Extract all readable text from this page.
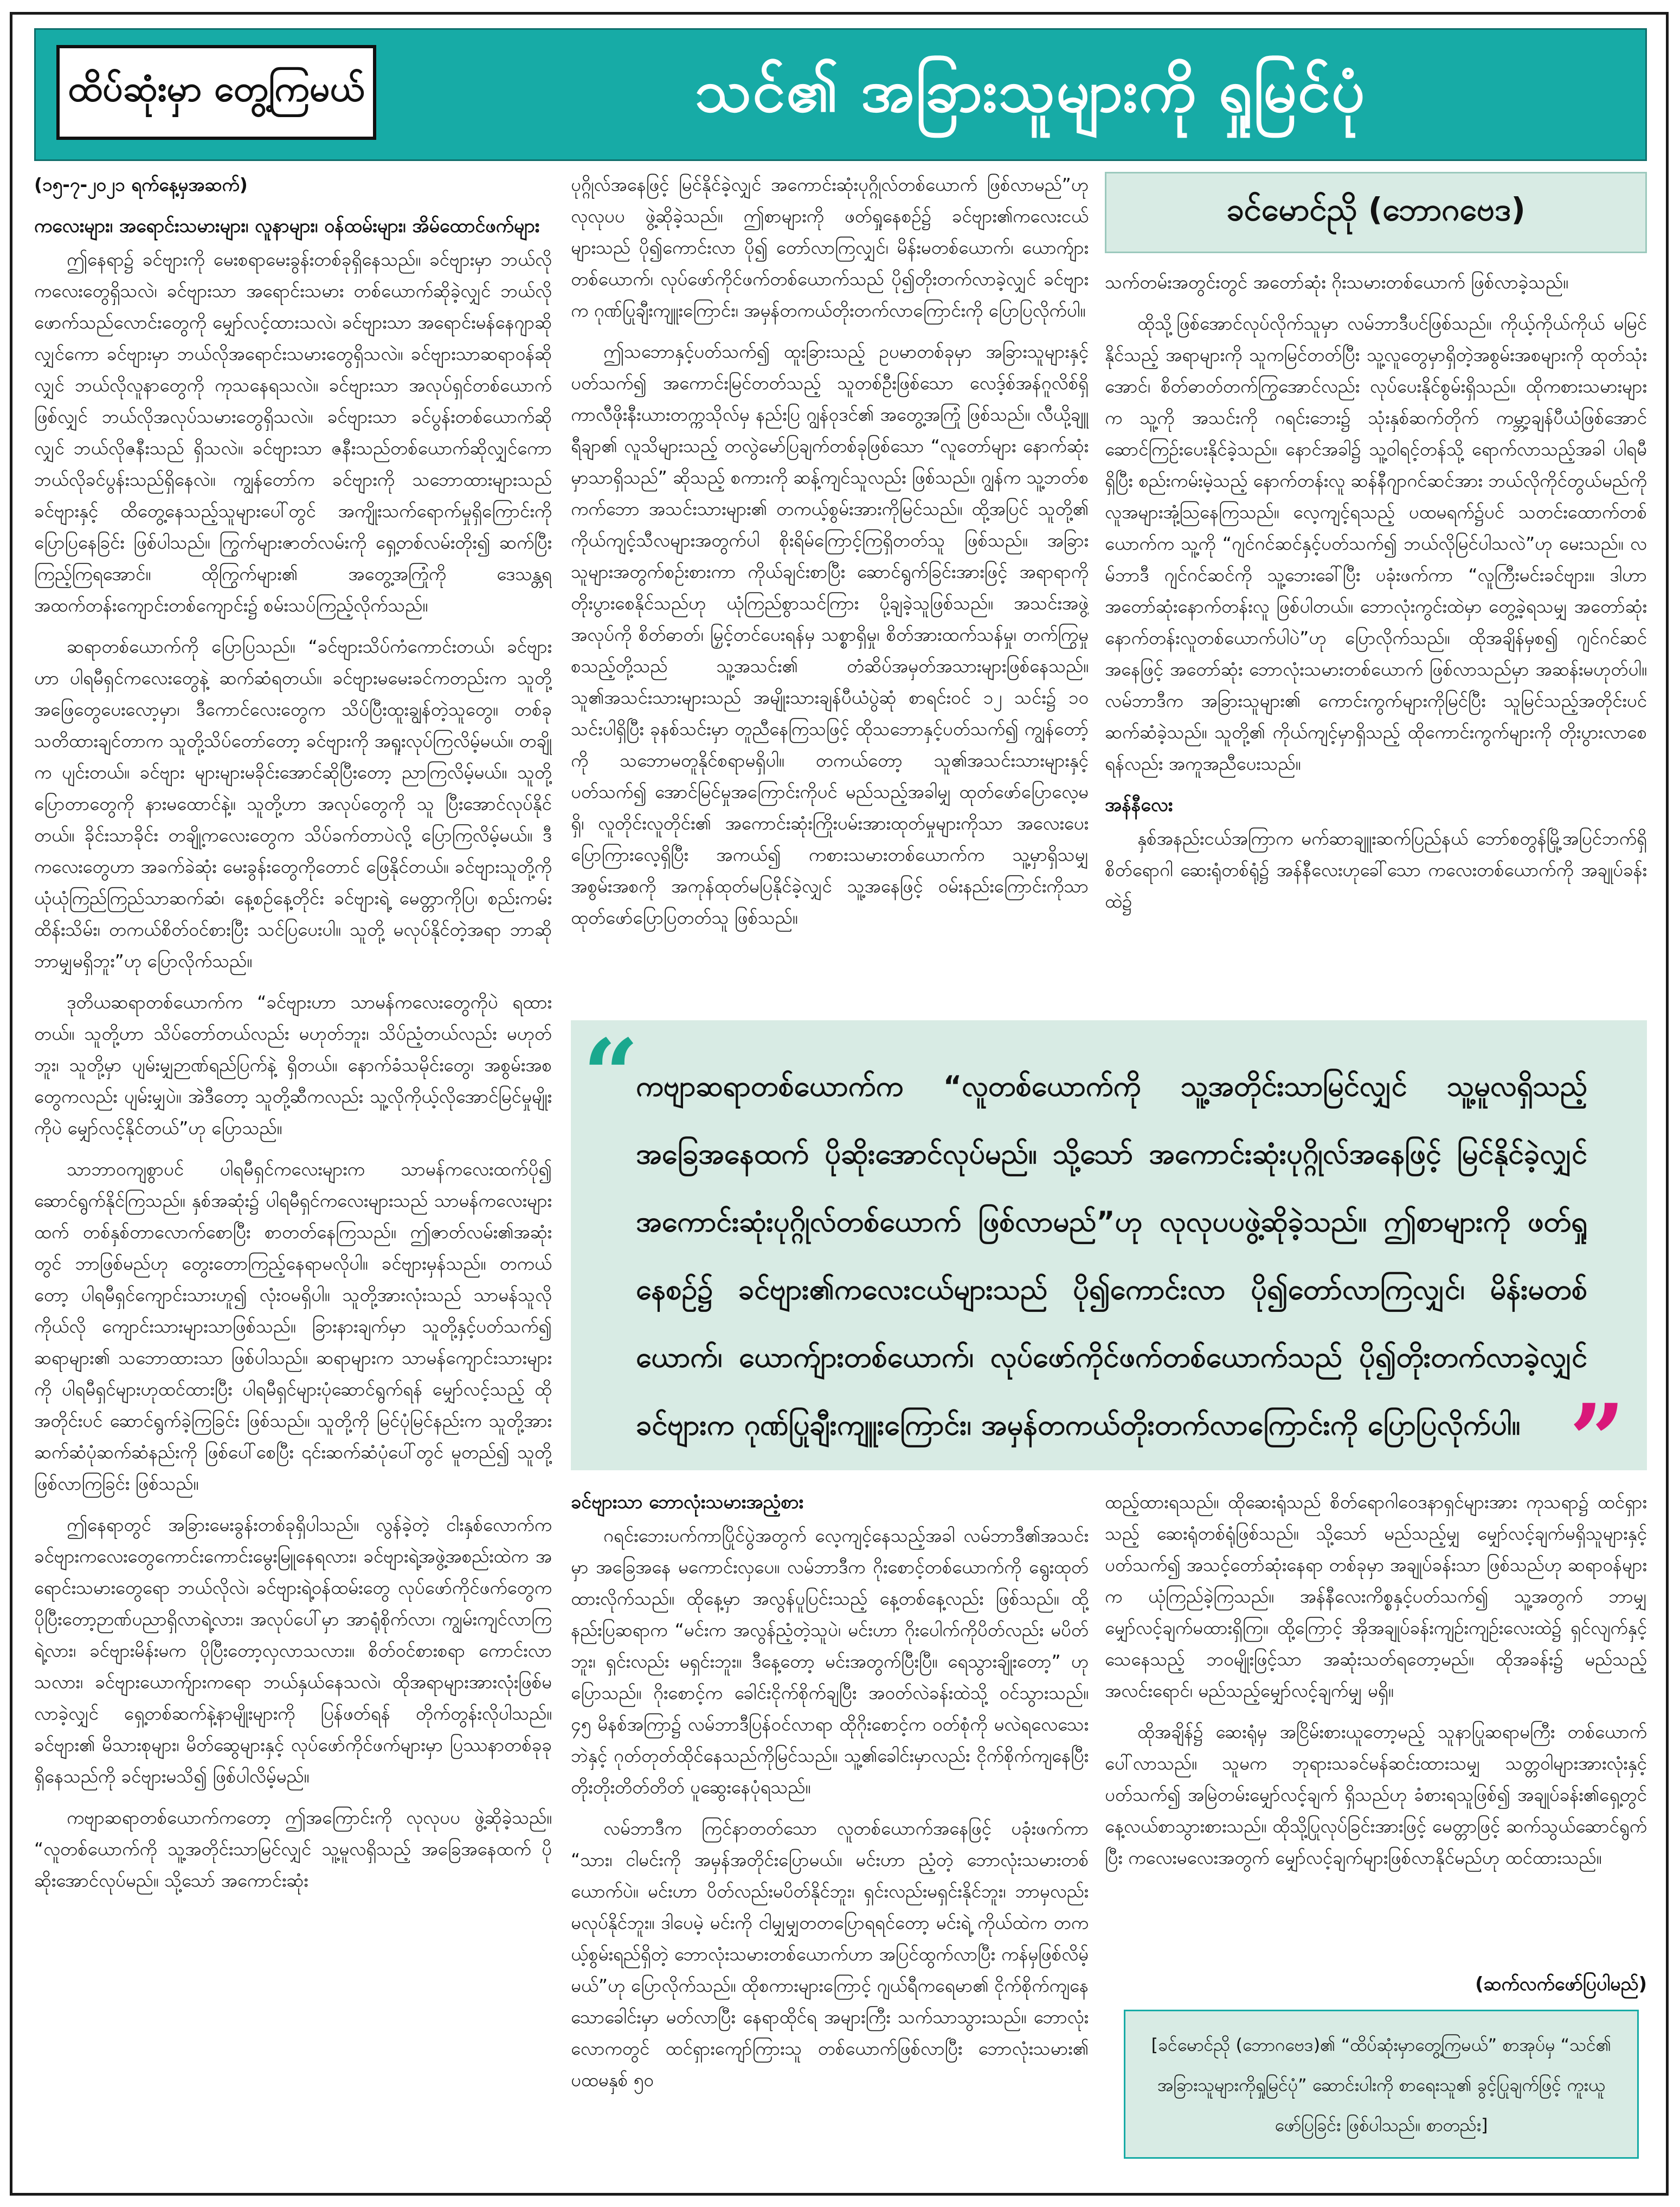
ထိပ်ဆုံးမှာ တွေ့ကြမယ်	သင်၏ အခြားသူများကို ရှုမြင်ပုံ
ခင်မောင်ညို (ဘောဂဗေဒ)

(၁၅-၇-၂၀၂၁ ရက်နေ့မှအဆက်)

ကလေးများ၊ အရောင်းသမားများ၊ လူနာများ၊ ဝန်ထမ်းများ၊ အိမ်ထောင်ဖက်များ

ဤနေရာ၌ ခင်ဗျားကို မေးစရာမေးခွန်းတစ်ခုရှိနေသည်။ ခင်ဗျားမှာ ဘယ်လိုကလေးတွေရှိသလဲ၊ ခင်ဗျားသာ အရောင်းသမား တစ်ယောက်ဆိုခဲ့လျှင် ဘယ်လိုဖောက်သည်လောင်းတွေကို မျှော်လင့်ထားသလဲ၊ ခင်ဗျားသာ အရောင်းမန်နေဂျာဆိုလျှင်ကော ခင်ဗျားမှာ ဘယ်လိုအရောင်းသမားတွေရှိသလဲ။ ခင်ဗျားသာဆရာဝန်ဆိုလျှင် ဘယ်လိုလူနာတွေကို ကုသနေရသလဲ။ ခင်ဗျားသာ အလုပ်ရှင်တစ်ယောက်ဖြစ်လျှင် ဘယ်လိုအလုပ်သမားတွေရှိသလဲ။ ခင်ဗျားသာ ခင်ပွန်းတစ်ယောက်ဆိုလျှင် ဘယ်လိုဇနီးသည် ရှိသလဲ။ ခင်ဗျားသာ ဇနီးသည်တစ်ယောက်ဆိုလျှင်ကော ဘယ်လိုခင်ပွန်းသည်ရှိနေလဲ။ ကျွန်တော်က ခင်ဗျားကို သဘောထားများသည် ခင်ဗျားနှင့် ထိတွေ့နေသည့်သူများပေါ်တွင် အကျိုးသက်ရောက်မှုရှိကြောင်းကို ပြောပြနေခြင်း ဖြစ်ပါသည်။ ကြွက်များဇာတ်လမ်းကို ရှေ့တစ်လမ်းတိုး၍ ဆက်ပြီးကြည့်ကြရအောင်။ ထိုကြွက်များ၏ အတွေ့အကြုံကို ဒေသန္တရ အထက်တန်းကျောင်းတစ်ကျောင်း၌ စမ်းသပ်ကြည့်လိုက်သည်။

ဆရာတစ်ယောက်ကို ပြောပြသည်။ “ခင်ဗျားသိပ်ကံကောင်းတယ်၊ ခင်ဗျားဟာ ပါရမီရှင်ကလေးတွေနဲ့ ဆက်ဆံရတယ်။ ခင်ဗျားမမေးခင်ကတည်းက သူတို့အဖြေတွေပေးလော့မှာ၊ ဒီကောင်လေးတွေက သိပ်ပြီးထူးချွန်တဲ့သူတွေ။ တစ်ခုသတိထားချင်တာက သူတို့သိပ်တော်တော့ ခင်ဗျားကို အရူးလုပ်ကြလိမ့်မယ်။ တချို့က ပျင်းတယ်။ ခင်ဗျား များများမခိုင်းအောင်ဆိုပြီးတော့ ညာကြလိမ့်မယ်။ သူတို့ပြောတာတွေကို နားမထောင်နဲ့။ သူတို့ဟာ အလုပ်တွေကို သူ ပြီးအောင်လုပ်နိုင်တယ်။ ခိုင်းသာခိုင်း တချို့ကလေးတွေက သိပ်ခက်တာပဲလို့ ပြောကြလိမ့်မယ်။ ဒီကလေးတွေဟာ အခက်ခဲဆုံး မေးခွန်းတွေကိုတောင် ဖြေနိုင်တယ်။ ခင်ဗျားသူတို့ကို ယုံယုံကြည်ကြည်သာဆက်ဆံ၊ နေ့စဉ်နေ့တိုင်း ခင်ဗျားရဲ့ မေတ္တာကိုပြ၊ စည်းကမ်းထိန်းသိမ်း၊ တကယ်စိတ်ဝင်စားပြီး သင်ပြပေးပါ။ သူတို့ မလုပ်နိုင်တဲ့အရာ ဘာဆိုဘာမျှမရှိဘူး”ဟု ပြောလိုက်သည်။

ဒုတိယဆရာတစ်ယောက်က “ခင်ဗျားဟာ သာမန်ကလေးတွေကိုပဲ ရထားတယ်။ သူတို့ဟာ သိပ်တော်တယ်လည်း မဟုတ်ဘူး၊ သိပ်ညံ့တယ်လည်း မဟုတ်ဘူး၊ သူတို့မှာ ပျမ်းမျှဉာဏ်ရည်ပြက်နဲ့ ရှိတယ်။ နောက်ခံသမိုင်းတွေ၊ အစွမ်းအစတွေကလည်း ပျမ်းမျှပဲ။ အဲဒီတော့ သူတို့ဆီကလည်း သူ့လိုကိုယ့်လိုအောင်မြင်မှုမျိုးကိုပဲ မျှော်လင့်နိုင်တယ်”ဟု ပြောသည်။

သာဘာဝကျစွာပင် ပါရမီရှင်ကလေးများက သာမန်ကလေးထက်ပို၍ ဆောင်ရွက်နိုင်ကြသည်။ နှစ်အဆုံး၌ ပါရမီရှင်ကလေးများသည် သာမန်ကလေးများထက် တစ်နှစ်တာလောက်စောပြီး စာတတ်နေကြသည်။ ဤဇာတ်လမ်း၏အဆုံးတွင် ဘာဖြစ်မည်ဟု တွေးတောကြည့်နေရာမလိုပါ။ ခင်ဗျားမှန်သည်။ တကယ်တော့ ပါရမီရှင်ကျောင်းသားဟူ၍ လုံးဝမရှိပါ။ သူတို့အားလုံးသည် သာမန်သူလိုကိုယ်လို ကျောင်းသားများသာဖြစ်သည်။ ခြားနားချက်မှာ သူတို့နှင့်ပတ်သက်၍ ဆရာများ၏ သဘောထားသာ ဖြစ်ပါသည်။ ဆရာများက သာမန်ကျောင်းသားများကို ပါရမီရှင်များဟုထင်ထားပြီး ပါရမီရှင်များပုံဆောင်ရွက်ရန် မျှော်လင့်သည့် ထိုအတိုင်းပင် ဆောင်ရွက်ခဲ့ကြခြင်း ဖြစ်သည်။ သူတို့ကို မြင်ပုံမြင်နည်းက သူတို့အား ဆက်ဆံပုံဆက်ဆံနည်းကို ဖြစ်ပေါ်စေပြီး ၎င်းဆက်ဆံပုံပေါ်တွင် မူတည်၍ သူတို့ဖြစ်လာကြခြင်း ဖြစ်သည်။

ဤနေရာတွင် အခြားမေးခွန်းတစ်ခုရှိပါသည်။ လွန်ခဲ့တဲ့ ငါးနှစ်လောက်က ခင်ဗျားကလေးတွေကောင်းကောင်းမွေးမြူနေရလား၊ ခင်ဗျားရဲ့အဖွဲ့အစည်းထဲက အရောင်းသမားတွေရော ဘယ်လိုလဲ၊ ခင်ဗျားရဲ့ဝန်ထမ်းတွေ လုပ်ဖော်ကိုင်ဖက်တွေက ပိုပြီးတော့ဉာဏ်ပညာရှိလာရဲ့လား၊ အလုပ်ပေါ်မှာ အာရုံစိုက်လာ၊ ကျွမ်းကျင်လာကြရဲ့လား၊ ခင်ဗျားမိန်းမက ပိုပြီးတော့လှလာသလား။ စိတ်ဝင်စားစရာ ကောင်းလာသလား၊ ခင်ဗျားယောက်ျားကရော ဘယ်နှယ်နေသလဲ၊ ထိုအရာများအားလုံးဖြစ်မလာခဲ့လျှင် ရှေ့တစ်ဆက်နဲ့နာမျိုးများကို ပြန်ဖတ်ရန် တိုက်တွန်းလိုပါသည်။ ခင်ဗျား၏ မိသားစုများ၊ မိတ်ဆွေများနှင့် လုပ်ဖော်ကိုင်ဖက်များမှာ ပြဿနာတစ်ခုခု ရှိနေသည်ကို ခင်ဗျားမသိ၍ ဖြစ်ပါလိမ့်မည်။

ကဗျာဆရာတစ်ယောက်ကတော့ ဤအကြောင်းကို လုလုပပ ဖွဲ့ဆိုခဲ့သည်။ “လူတစ်ယောက်ကို သူ့အတိုင်းသာမြင်လျှင် သူ့မူလရှိသည့် အခြေအနေထက် ပိုဆိုးအောင်လုပ်မည်။ သို့သော် အကောင်းဆုံး

ပုဂ္ဂိုလ်အနေဖြင့် မြင်နိုင်ခဲ့လျှင် အကောင်းဆုံးပုဂ္ဂိုလ်တစ်ယောက် ဖြစ်လာမည်”ဟု လုလုပပ ဖွဲ့ဆိုခဲ့သည်။ ဤစာများကို ဖတ်ရှုနေစဉ်၌ ခင်ဗျား၏ကလေးငယ်များသည် ပို၍ကောင်းလာ ပို၍ တော်လာကြလျှင်၊ မိန်းမတစ်ယောက်၊ ယောက်ျားတစ်ယောက်၊ လုပ်ဖော်ကိုင်ဖက်တစ်ယောက်သည် ပို၍တိုးတက်လာခဲ့လျှင် ခင်ဗျားက ဂုဏ်ပြုချီးကျူးကြောင်း၊ အမှန်တကယ်တိုးတက်လာကြောင်းကို ပြောပြလိုက်ပါ။

ဤသဘောနှင့်ပတ်သက်၍ ထူးခြားသည့် ဥပမာတစ်ခုမှာ အခြားသူများနှင့်ပတ်သက်၍ အကောင်းမြင်တတ်သည့် သူတစ်ဦးဖြစ်သော လေဒ့်စ်အန်ဂူလိစ်ရှိ ကာလီဖိုးနီးယားတက္ကသိုလ်မှ နည်းပြ ဂျွန်ဝုဒင်၏ အတွေ့အကြုံ ဖြစ်သည်။ လီယို့ချူရီချာ၏ လူသိများသည့် တလွဲမော်ပြချက်တစ်ခုဖြစ်သော “လူတော်များ နောက်ဆုံးမှာသာရှိသည်” ဆိုသည့် စကားကို ဆန့်ကျင်သူလည်း ဖြစ်သည်။ ဂျွန်က သူ့ဘတ်စကက်ဘော အသင်းသားများ၏ တကယ့်စွမ်းအားကိုမြင်သည်။ ထို့အပြင် သူတို့၏ ကိုယ်ကျင့်သီလများအတွက်ပါ စိုးရိမ်ကြောင့်ကြရှိတတ်သူ ဖြစ်သည်။ အခြားသူများအတွက်စဉ်းစားကာ ကိုယ်ချင်းစာပြီး ဆောင်ရွက်ခြင်းအားဖြင့် အရာရာကို တိုးပွားစေနိုင်သည်ဟု ယုံကြည်စွာသင်ကြား ပို့ချခဲ့သူဖြစ်သည်။ အသင်းအဖွဲ့ အလုပ်ကို စိတ်ဓာတ်၊ မြှင့်တင်ပေးရန်မှ သစ္စာရှိမှု၊ စိတ်အားထက်သန်မှု၊ တက်ကြွမှု စသည့်တို့သည် သူ့အသင်း၏ တံဆိပ်အမှတ်အသားများဖြစ်နေသည်။ သူ၏အသင်းသားများသည် အမျိုးသားချန်ပီယံပွဲဆုံ စာရင်းဝင် ၁၂ သင်း၌ ၁၀ သင်းပါရှိပြီး ခုနစ်သင်းမှာ တူညီနေကြသဖြင့် ထိုသဘောနှင့်ပတ်သက်၍ ကျွန်တော့်ကို သဘောမတူနိုင်စရာမရှိပါ။ တကယ်တော့ သူ၏အသင်းသားများနှင့် ပတ်သက်၍ အောင်မြင်မှုအကြောင်းကိုပင် မည်သည့်အခါမျှ ထုတ်ဖော်ပြောလေ့မရှိ၊ လူတိုင်းလူတိုင်း၏ အကောင်းဆုံးကြိုးပမ်းအားထုတ်မှုများကိုသာ အလေးပေးပြောကြားလေ့ရှိပြီး အကယ်၍ ကစားသမားတစ်ယောက်က သူ့မှာရှိသမျှ အစွမ်းအစကို အကုန်ထုတ်မပြနိုင်ခဲ့လျှင် သူ့အနေဖြင့် ဝမ်းနည်းကြောင်းကိုသာ ထုတ်ဖော်ပြောပြတတ်သူ ဖြစ်သည်။

သက်တမ်းအတွင်းတွင် အတော်ဆုံး ဂိုးသမားတစ်ယောက် ဖြစ်လာခဲ့သည်။

ထိုသို့ဖြစ်အောင်လုပ်လိုက်သူမှာ လမ်ဘာဒီပင်ဖြစ်သည်။ ကိုယ့်ကိုယ်ကိုယ် မမြင်နိုင်သည့် အရာများကို သူကမြင်တတ်ပြီး သူ့လူတွေမှာရှိတဲ့အစွမ်းအစများကို ထုတ်သုံးအောင်၊ စိတ်ဓာတ်တက်ကြွအောင်လည်း လုပ်ပေးနိုင်စွမ်းရှိသည်။ ထိုကစားသမားများက သူ့ကို အသင်းကို ဂရင်းဘေး၌ သုံးနှစ်ဆက်တိုက် ကမ္ဘာ့ချန်ပီယံဖြစ်အောင် ဆောင်ကြဉ်းပေးနိုင်ခဲ့သည်။ နောင်အခါ၌ သူ့ဝါရင့်တန်သို့ ရောက်လာသည့်အခါ ပါရမီရှိပြီး စည်းကမ်းမဲ့သည့် နောက်တန်းလူ ဆန်နီဂျာဂင်ဆင်အား ဘယ်လိုကိုင်တွယ်မည်ကို လူအများအုံ့သြနေကြသည်။ လေ့ကျင့်ရသည့် ပထမရက်၌ပင် သတင်းထောက်တစ်ယောက်က သူ့ကို “ဂျင်ဂင်ဆင်နှင့်ပတ်သက်၍ ဘယ်လိုမြင်ပါသလဲ”ဟု မေးသည်။ လမ်ဘာဒီ ဂျင်ဂင်ဆင်ကို သူ့ဘေးခေါ်ပြီး ပခုံးဖက်ကာ “လူကြီးမင်းခင်ဗျား။ ဒါဟာ အတော်ဆုံးနောက်တန်းလူ ဖြစ်ပါတယ်။ ဘောလုံးကွင်းထဲမှာ တွေ့ခဲ့ရသမျှ အတော်ဆုံးနောက်တန်းလူတစ်ယောက်ပါပဲ”ဟု ပြောလိုက်သည်။ ထိုအချိန်မှစ၍ ဂျင်ဂင်ဆင်အနေဖြင့် အတော်ဆုံး ဘောလုံးသမားတစ်ယောက် ဖြစ်လာသည်မှာ အဆန်းမဟုတ်ပါ။ လမ်ဘာဒီက အခြားသူများ၏ ကောင်းကွက်များကိုမြင်ပြီး သူမြင်သည့်အတိုင်းပင် ဆက်ဆံခဲ့သည်။ သူတို့၏ ကိုယ်ကျင့်မှာရှိသည့် ထိုကောင်းကွက်များကို တိုးပွားလာစေရန်လည်း အကူအညီပေးသည်။

အန်နီလေး

နှစ်အနည်းငယ်အကြာက မက်ဆာချူးဆက်ပြည်နယ် ဘော်စတွန်မြို့အပြင်ဘက်ရှိ စိတ်ရောဂါ ဆေးရုံတစ်ရုံ၌ အန်နီလေးဟုခေါ်သော ကလေးတစ်ယောက်ကို အချုပ်ခန်းထဲ၌

“
ကဗျာဆရာတစ်ယောက်က “လူတစ်ယောက်ကို သူ့အတိုင်းသာမြင်လျှင် သူ့မူလရှိသည့် အခြေအနေထက် ပိုဆိုးအောင်လုပ်မည်။ သို့သော် အကောင်းဆုံးပုဂ္ဂိုလ်အနေဖြင့် မြင်နိုင်ခဲ့လျှင် အကောင်းဆုံးပုဂ္ဂိုလ်တစ်ယောက် ဖြစ်လာမည်”ဟု လုလုပပဖွဲ့ဆိုခဲ့သည်။ ဤစာများကို ဖတ်ရှုနေစဉ်၌ ခင်ဗျား၏ကလေးငယ်များသည် ပို၍ကောင်းလာ ပို၍တော်လာကြလျှင်၊ မိန်းမတစ်ယောက်၊ ယောက်ျားတစ်ယောက်၊ လုပ်ဖော်ကိုင်ဖက်တစ်ယောက်သည် ပို၍တိုးတက်လာခဲ့လျှင် ခင်ဗျားက ဂုဏ်ပြုချီးကျူးကြောင်း၊ အမှန်တကယ်တိုးတက်လာကြောင်းကို ပြောပြလိုက်ပါ။ ”
ခင်ဗျားသာ ဘောလုံးသမားအညံ့စား

ဂရင်းဘေးပက်ကာပြိုင်ပွဲအတွက် လေ့ကျင့်နေသည့်အခါ လမ်ဘာဒီ၏အသင်းမှာ အခြေအနေ မကောင်းလှပေ။ လမ်ဘာဒီက ဂိုးစောင့်တစ်ယောက်ကို ရွေးထုတ်ထားလိုက်သည်။ ထိုနေ့မှာ အလွန်ပူပြင်းသည့် နေ့တစ်နေ့လည်း ဖြစ်သည်။ ထို့နည်းပြဆရာက “မင်းက အလွန်ညံ့တဲ့သူပဲ၊ မင်းဟာ ဂိုးပေါက်ကိုပိတ်လည်း မပိတ်ဘူး၊ ရှင်းလည်း မရှင်းဘူး။ ဒီနေ့တော့ မင်းအတွက်ပြီးပြီ။ ရေသွားချိုးတော့” ဟု ပြောသည်။ ဂိုးစောင့်က ခေါင်းငိုက်စိုက်ချပြီး အဝတ်လဲခန်းထဲသို့ ဝင်သွားသည်။ ၄၅ မိနစ်အကြာ၌ လမ်ဘာဒီပြန်ဝင်လာရာ ထိုဂိုးစောင့်က ဝတ်စုံကို မလဲရလေသေးဘဲနှင့် ဂုတ်တုတ်ထိုင်နေသည်ကိုမြင်သည်။ သူ့၏ခေါင်းမှာလည်း ငိုက်စိုက်ကျနေပြီး တိုးတိုးတိတ်တိတ် ပူဆွေးနေပုံရသည်။

လမ်ဘာဒီက ကြင်နာတတ်သော လူတစ်ယောက်အနေဖြင့် ပခုံးဖက်ကာ “သား၊ ငါမင်းကို အမှန်အတိုင်းပြောမယ်။ မင်းဟာ ညံ့တဲ့ ဘောလုံးသမားတစ်ယောက်ပဲ။ မင်းဟာ ပိတ်လည်းမပိတ်နိုင်ဘူး၊ ရှင်းလည်းမရှင်းနိုင်ဘူး၊ ဘာမှလည်း မလုပ်နိုင်ဘူး။ ဒါပေမဲ့ မင်းကို ငါမျှမျှတတပြောရရင်တော့ မင်းရဲ့ ကိုယ်ထဲက တကယ့်စွမ်းရည်ရှိတဲ့ ဘောလုံးသမားတစ်ယောက်ဟာ အပြင်ထွက်လာပြီး ကန်မှဖြစ်လိမ့်မယ်”ဟု ပြောလိုက်သည်။ ထိုစကားများကြောင့် ဂျယ်ရီကရေမာ၏ ငိုက်စိုက်ကျနေသောခေါင်းမှာ မတ်လာပြီး နေရာထိုင်ရ အများကြီး သက်သာသွားသည်။ ဘောလုံးလောကတွင် ထင်ရှားကျော်ကြားသူ တစ်ယောက်ဖြစ်လာပြီး ဘောလုံးသမား၏ ပထမနှစ် ၅၀

ထည့်ထားရသည်။ ထိုဆေးရုံသည် စိတ်ရောဂါဝေဒနာရှင်များအား ကုသရာ၌ ထင်ရှားသည့် ဆေးရုံတစ်ရုံဖြစ်သည်။ သို့သော် မည်သည့်မျှ မျှော်လင့်ချက်မရှိသူများနှင့်ပတ်သက်၍ အသင့်တော်ဆုံးနေရာ တစ်ခုမှာ အချုပ်ခန်းသာ ဖြစ်သည်ဟု ဆရာဝန်များက ယုံကြည်ခဲ့ကြသည်။ အန်နီလေးကိစ္စနှင့်ပတ်သက်၍ သူ့အတွက် ဘာမျှမျှော်လင့်ချက်မထားရှိကြ။ ထို့ကြောင့် အိုအချုပ်ခန်းကျဉ်းကျဉ်းလေးထဲ၌ ရှင်လျက်နှင့်သေနေသည့် ဘဝမျိုးဖြင့်သာ အဆုံးသတ်ရတော့မည်။ ထိုအခန်း၌ မည်သည့်အလင်းရောင်၊ မည်သည့်မျှော်လင့်ချက်မျှ မရှိ။

ထိုအချိန်၌ ဆေးရုံမှ အငြိမ်းစားယူတော့မည့် သူနာပြုဆရာမကြီး တစ်ယောက်ပေါ်လာသည်။ သူမက ဘုရားသခင်မန်ဆင်းထားသမျှ သတ္တဝါများအားလုံးနှင့်ပတ်သက်၍ အမြဲတမ်းမျှော်လင့်ချက် ရှိသည်ဟု ခံစားရသူဖြစ်၍ အချုပ်ခန်း၏ရှေ့တွင် နေ့လယ်စာသွားစားသည်။ ထိုသို့ပြုလုပ်ခြင်းအားဖြင့် မေတ္တာဖြင့် ဆက်သွယ်ဆောင်ရွက်ပြီး ကလေးမလေးအတွက် မျှော်လင့်ချက်များဖြစ်လာနိုင်မည်ဟု ထင်ထားသည်။

(ဆက်လက်ဖော်ပြပါမည်)
[ခင်မောင်ညို (ဘောဂဗေဒ)၏ “ထိပ်ဆုံးမှာတွေ့ကြမယ်” စာအုပ်မှ “သင်၏ အခြားသူများကိုရှုမြင်ပုံ” ဆောင်းပါးကို စာရေးသူ၏ ခွင့်ပြုချက်ဖြင့် ကူးယူဖော်ပြခြင်း ဖြစ်ပါသည်။ စာတည်း]
